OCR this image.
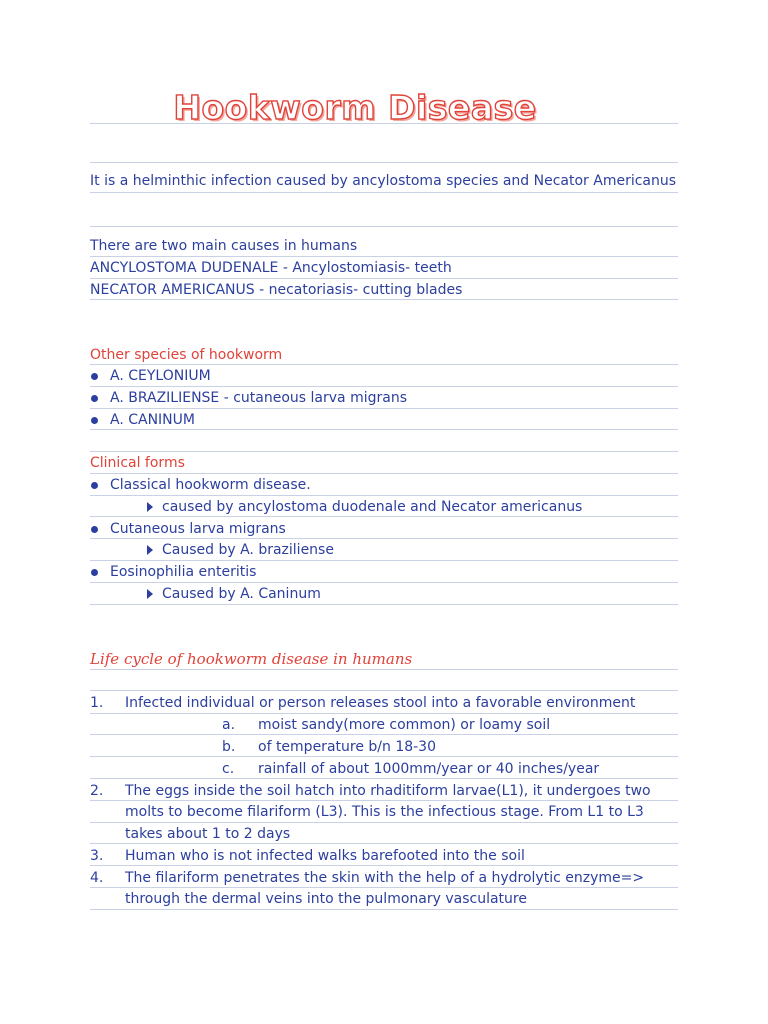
Hookworm Disease
It is a helminthic infection caused by ancylostoma species and Necator Americanus
There are two main causes in humans
ANCYLOSTOMA DUDENALE - Ancylostomiasis- teeth
NECATOR AMERICANUS - necatoriasis- cutting blades
Other species of hookworm
A. CEYLONIUM
A. BRAZILIENSE - cutaneous larva migrans
A. CANINUM
Clinical forms
Classical hookworm disease.
caused by ancylostoma duodenale and Necator americanus
Cutaneous larva migrans
Caused by A. braziliense
Eosinophilia enteritis
Caused by A. Caninum
Life cycle of hookworm disease in humans
1. Infected individual or person releases stool into a favorable environment
a. moist sandy(more common) or loamy soil
b. of temperature b/n 18-30
c. rainfall of about 1000mm/year or 40 inches/year
2. The eggs inside the soil hatch into rhaditiform larvae(L1), it undergoes two
molts to become filariform (L3). This is the infectious stage. From L1 to L3
takes about 1 to 2 days
3. Human who is not infected walks barefooted into the soil
4. The filariform penetrates the skin with the help of a hydrolytic enzyme=>
through the dermal veins into the pulmonary vasculature
